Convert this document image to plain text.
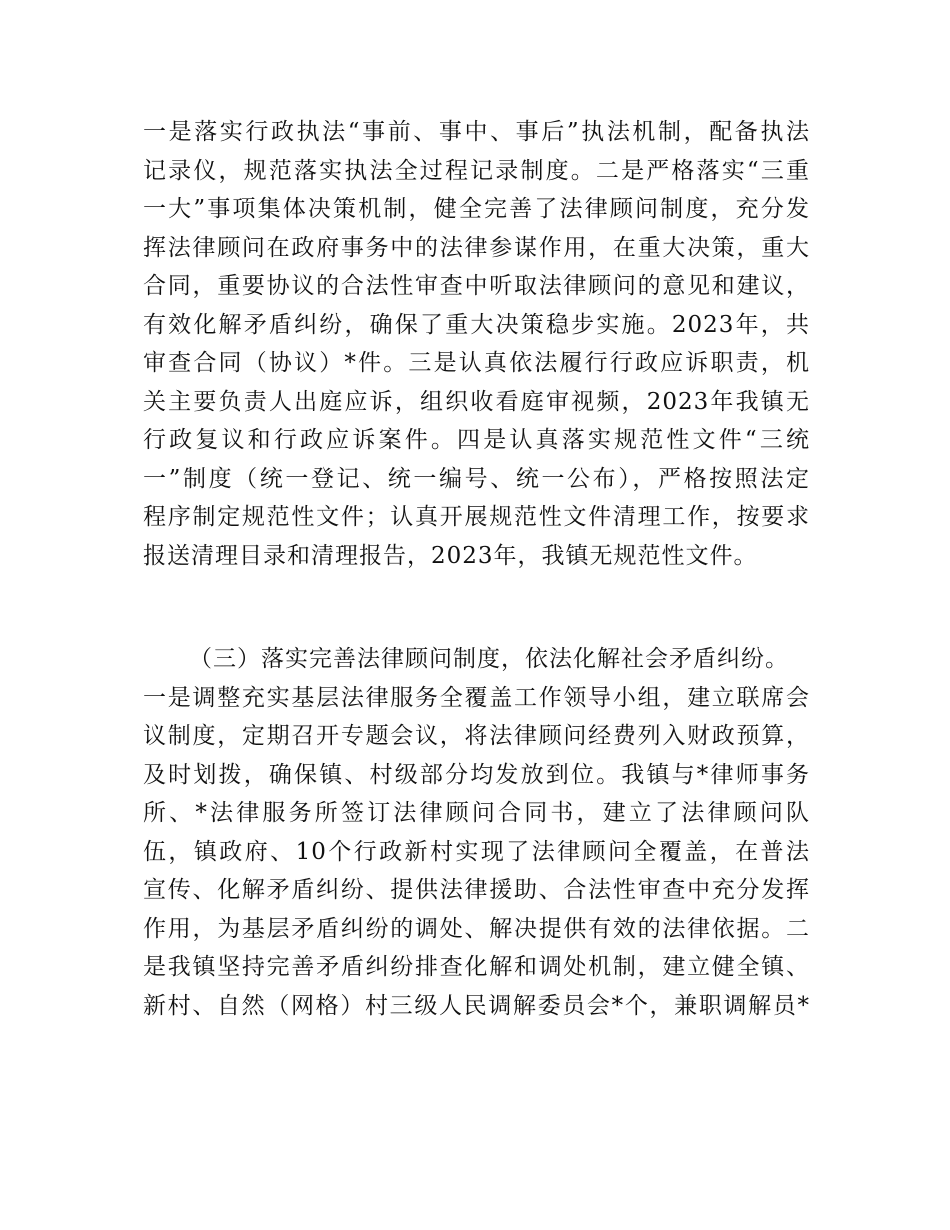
一是落实行政执法“事前、事中、事后”执法机制，配备执法
记录仪，规范落实执法全过程记录制度。二是严格落实“三重
一大”事项集体决策机制，健全完善了法律顾问制度，充分发
挥法律顾问在政府事务中的法律参谋作用，在重大决策，重大
合同，重要协议的合法性审查中听取法律顾问的意见和建议，
有效化解矛盾纠纷，确保了重大决策稳步实施。2023年，共
审查合同（协议）*件。三是认真依法履行行政应诉职责，机
关主要负责人出庭应诉，组织收看庭审视频，2023年我镇无
行政复议和行政应诉案件。四是认真落实规范性文件“三统
一”制度（统一登记、统一编号、统一公布），严格按照法定
程序制定规范性文件；认真开展规范性文件清理工作，按要求
报送清理目录和清理报告，2023年，我镇无规范性文件。
（三）落实完善法律顾问制度，依法化解社会矛盾纠纷。
一是调整充实基层法律服务全覆盖工作领导小组，建立联席会
议制度，定期召开专题会议，将法律顾问经费列入财政预算，
及时划拨，确保镇、村级部分均发放到位。我镇与*律师事务
所、*法律服务所签订法律顾问合同书，建立了法律顾问队
伍，镇政府、10个行政新村实现了法律顾问全覆盖，在普法
宣传、化解矛盾纠纷、提供法律援助、合法性审查中充分发挥
作用，为基层矛盾纠纷的调处、解决提供有效的法律依据。二
是我镇坚持完善矛盾纠纷排查化解和调处机制，建立健全镇、
新村、自然（网格）村三级人民调解委员会*个，兼职调解员*
